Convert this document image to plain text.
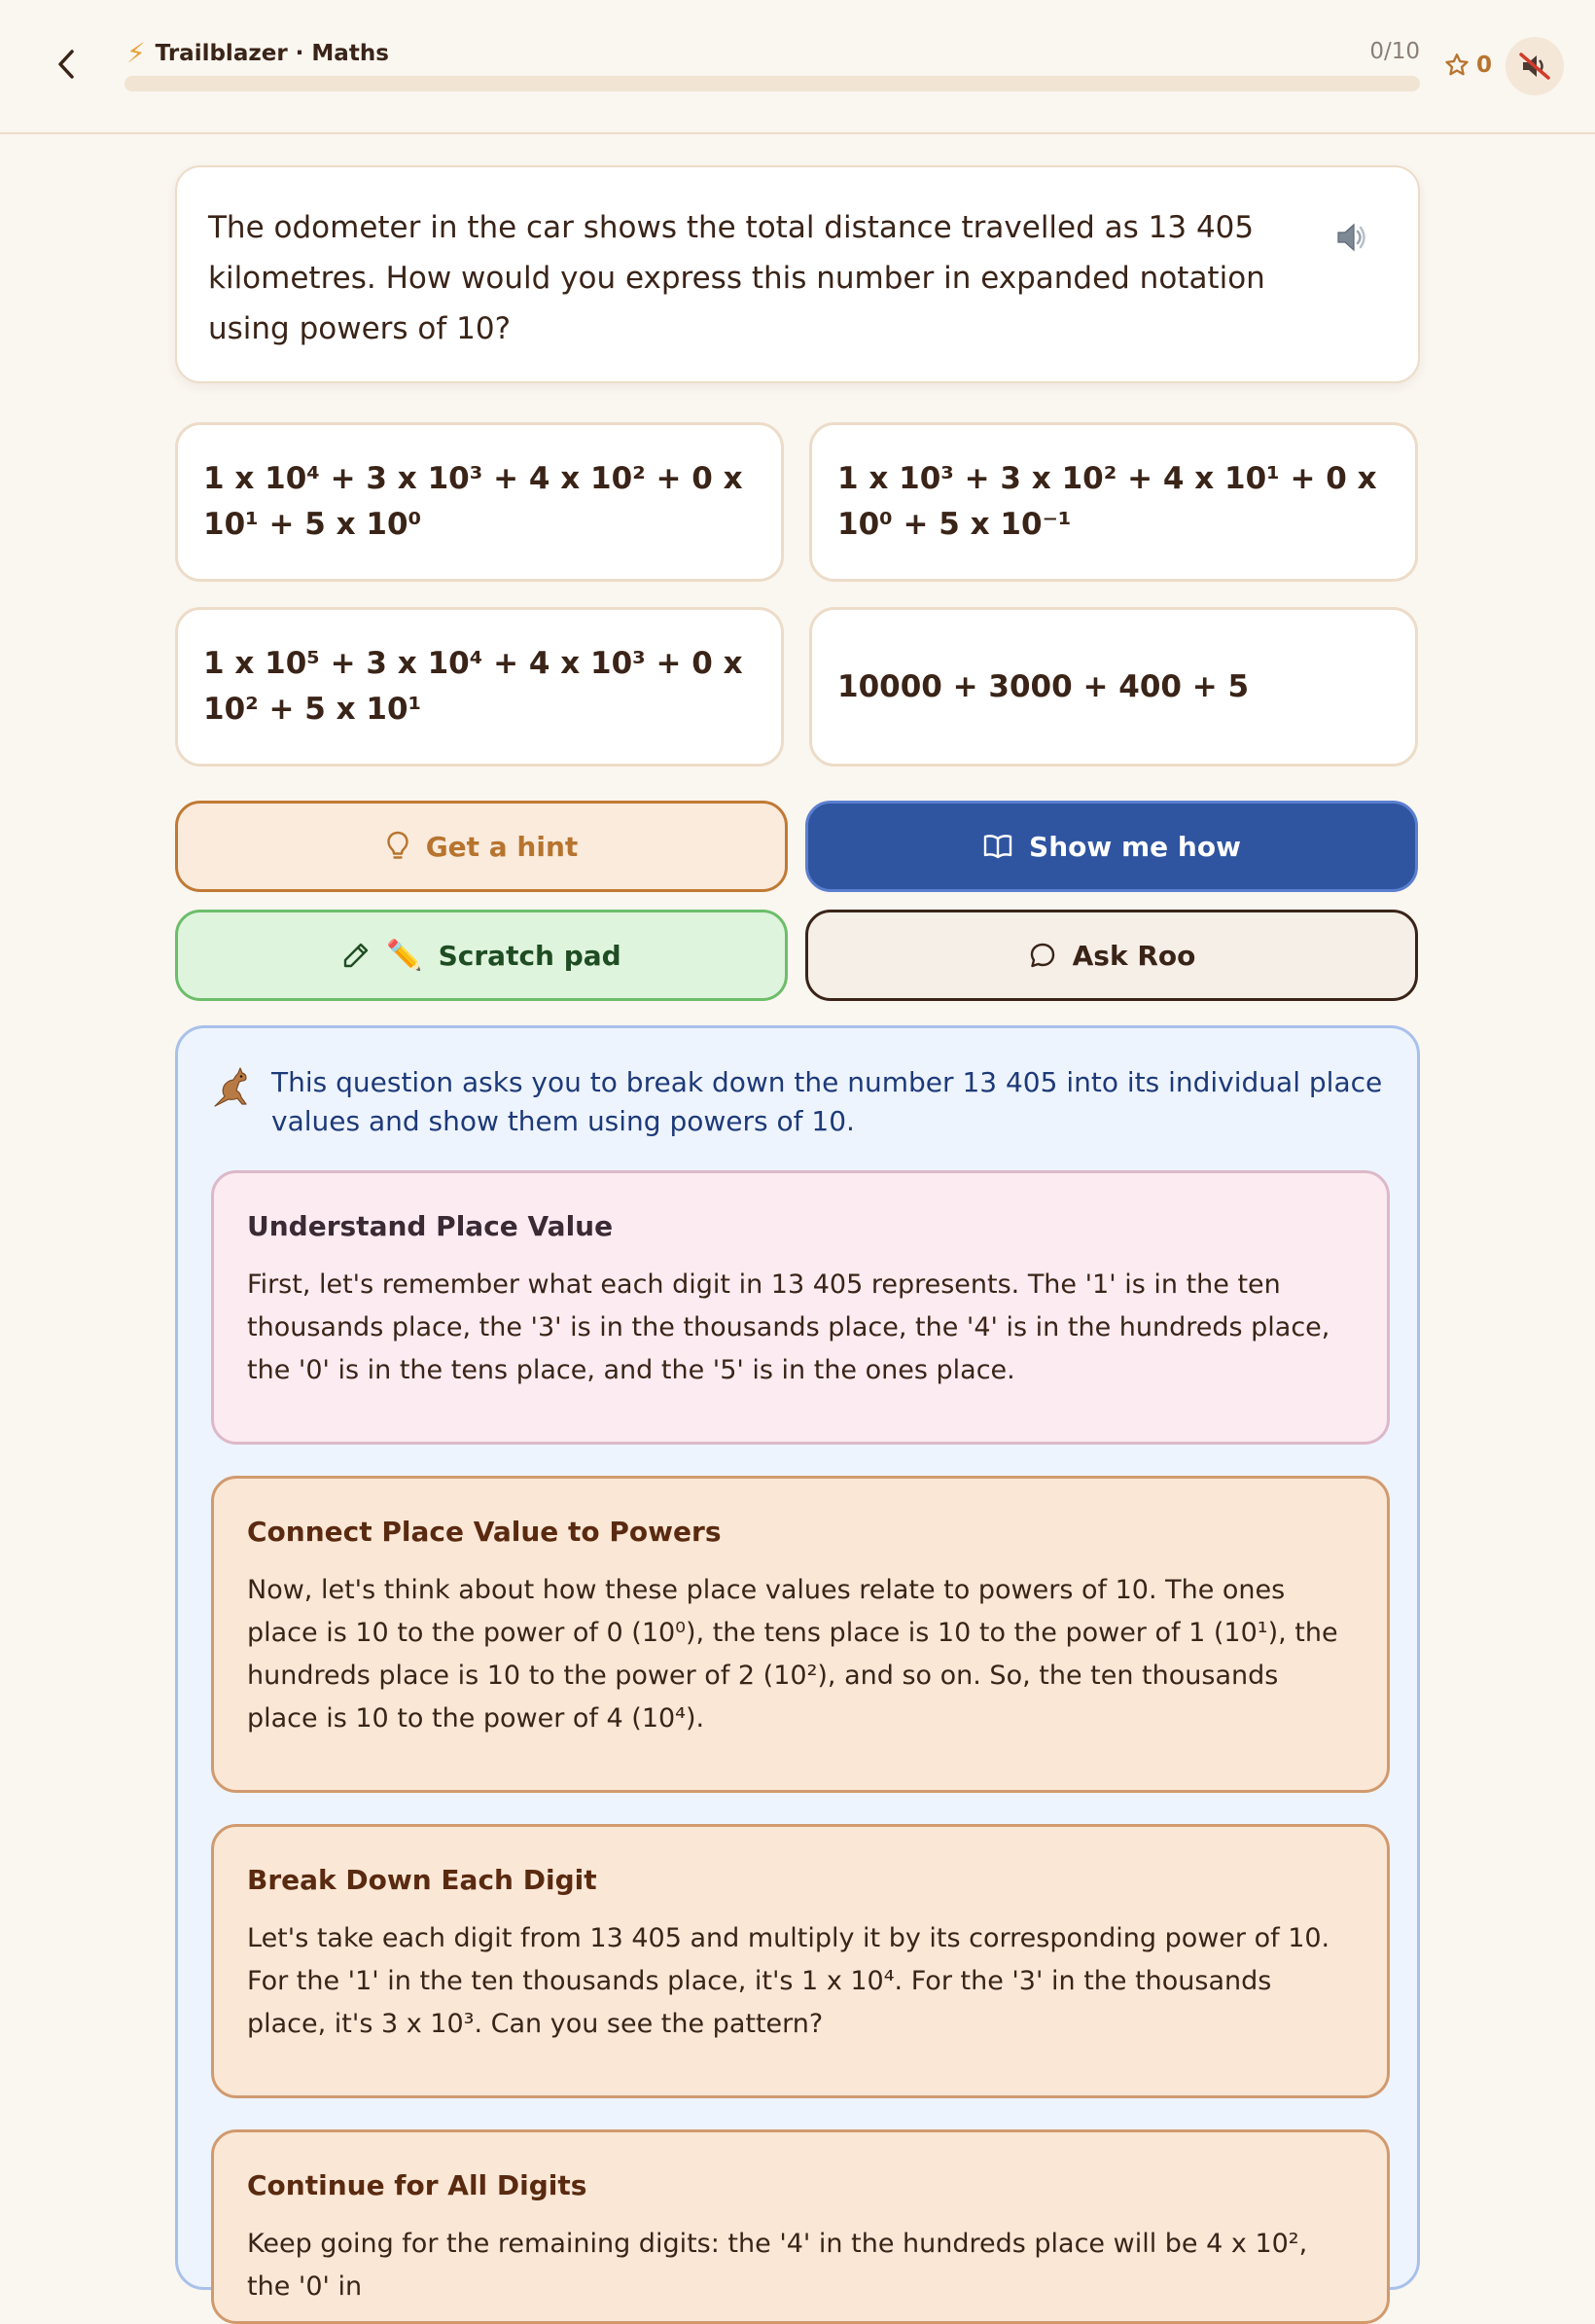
⚡ Trailblazer · Maths	0/10
0
The odometer in the car shows the total distance travelled as 13 405 kilometres. How would you express this number in expanded notation using powers of 10?
1 x 10⁴ + 3 x 10³ + 4 x 10² + 0 x 10¹ + 5 x 10⁰
1 x 10³ + 3 x 10² + 4 x 10¹ + 0 x 10⁰ + 5 x 10⁻¹
1 x 10⁵ + 3 x 10⁴ + 4 x 10³ + 0 x 10² + 5 x 10¹
10000 + 3000 + 400 + 5
Get a hint	Show me how
✏️ Scratch pad	Ask Roo
This question asks you to break down the number 13 405 into its individual place values and show them using powers of 10.
Understand Place Value
First, let's remember what each digit in 13 405 represents. The '1' is in the ten thousands place, the '3' is in the thousands place, the '4' is in the hundreds place, the '0' is in the tens place, and the '5' is in the ones place.
Connect Place Value to Powers
Now, let's think about how these place values relate to powers of 10. The ones place is 10 to the power of 0 (10⁰), the tens place is 10 to the power of 1 (10¹), the hundreds place is 10 to the power of 2 (10²), and so on. So, the ten thousands place is 10 to the power of 4 (10⁴).
Break Down Each Digit
Let's take each digit from 13 405 and multiply it by its corresponding power of 10. For the '1' in the ten thousands place, it's 1 x 10⁴. For the '3' in the thousands place, it's 3 x 10³. Can you see the pattern?
Continue for All Digits
Keep going for the remaining digits: the '4' in the hundreds place will be 4 x 10², the '0' in
